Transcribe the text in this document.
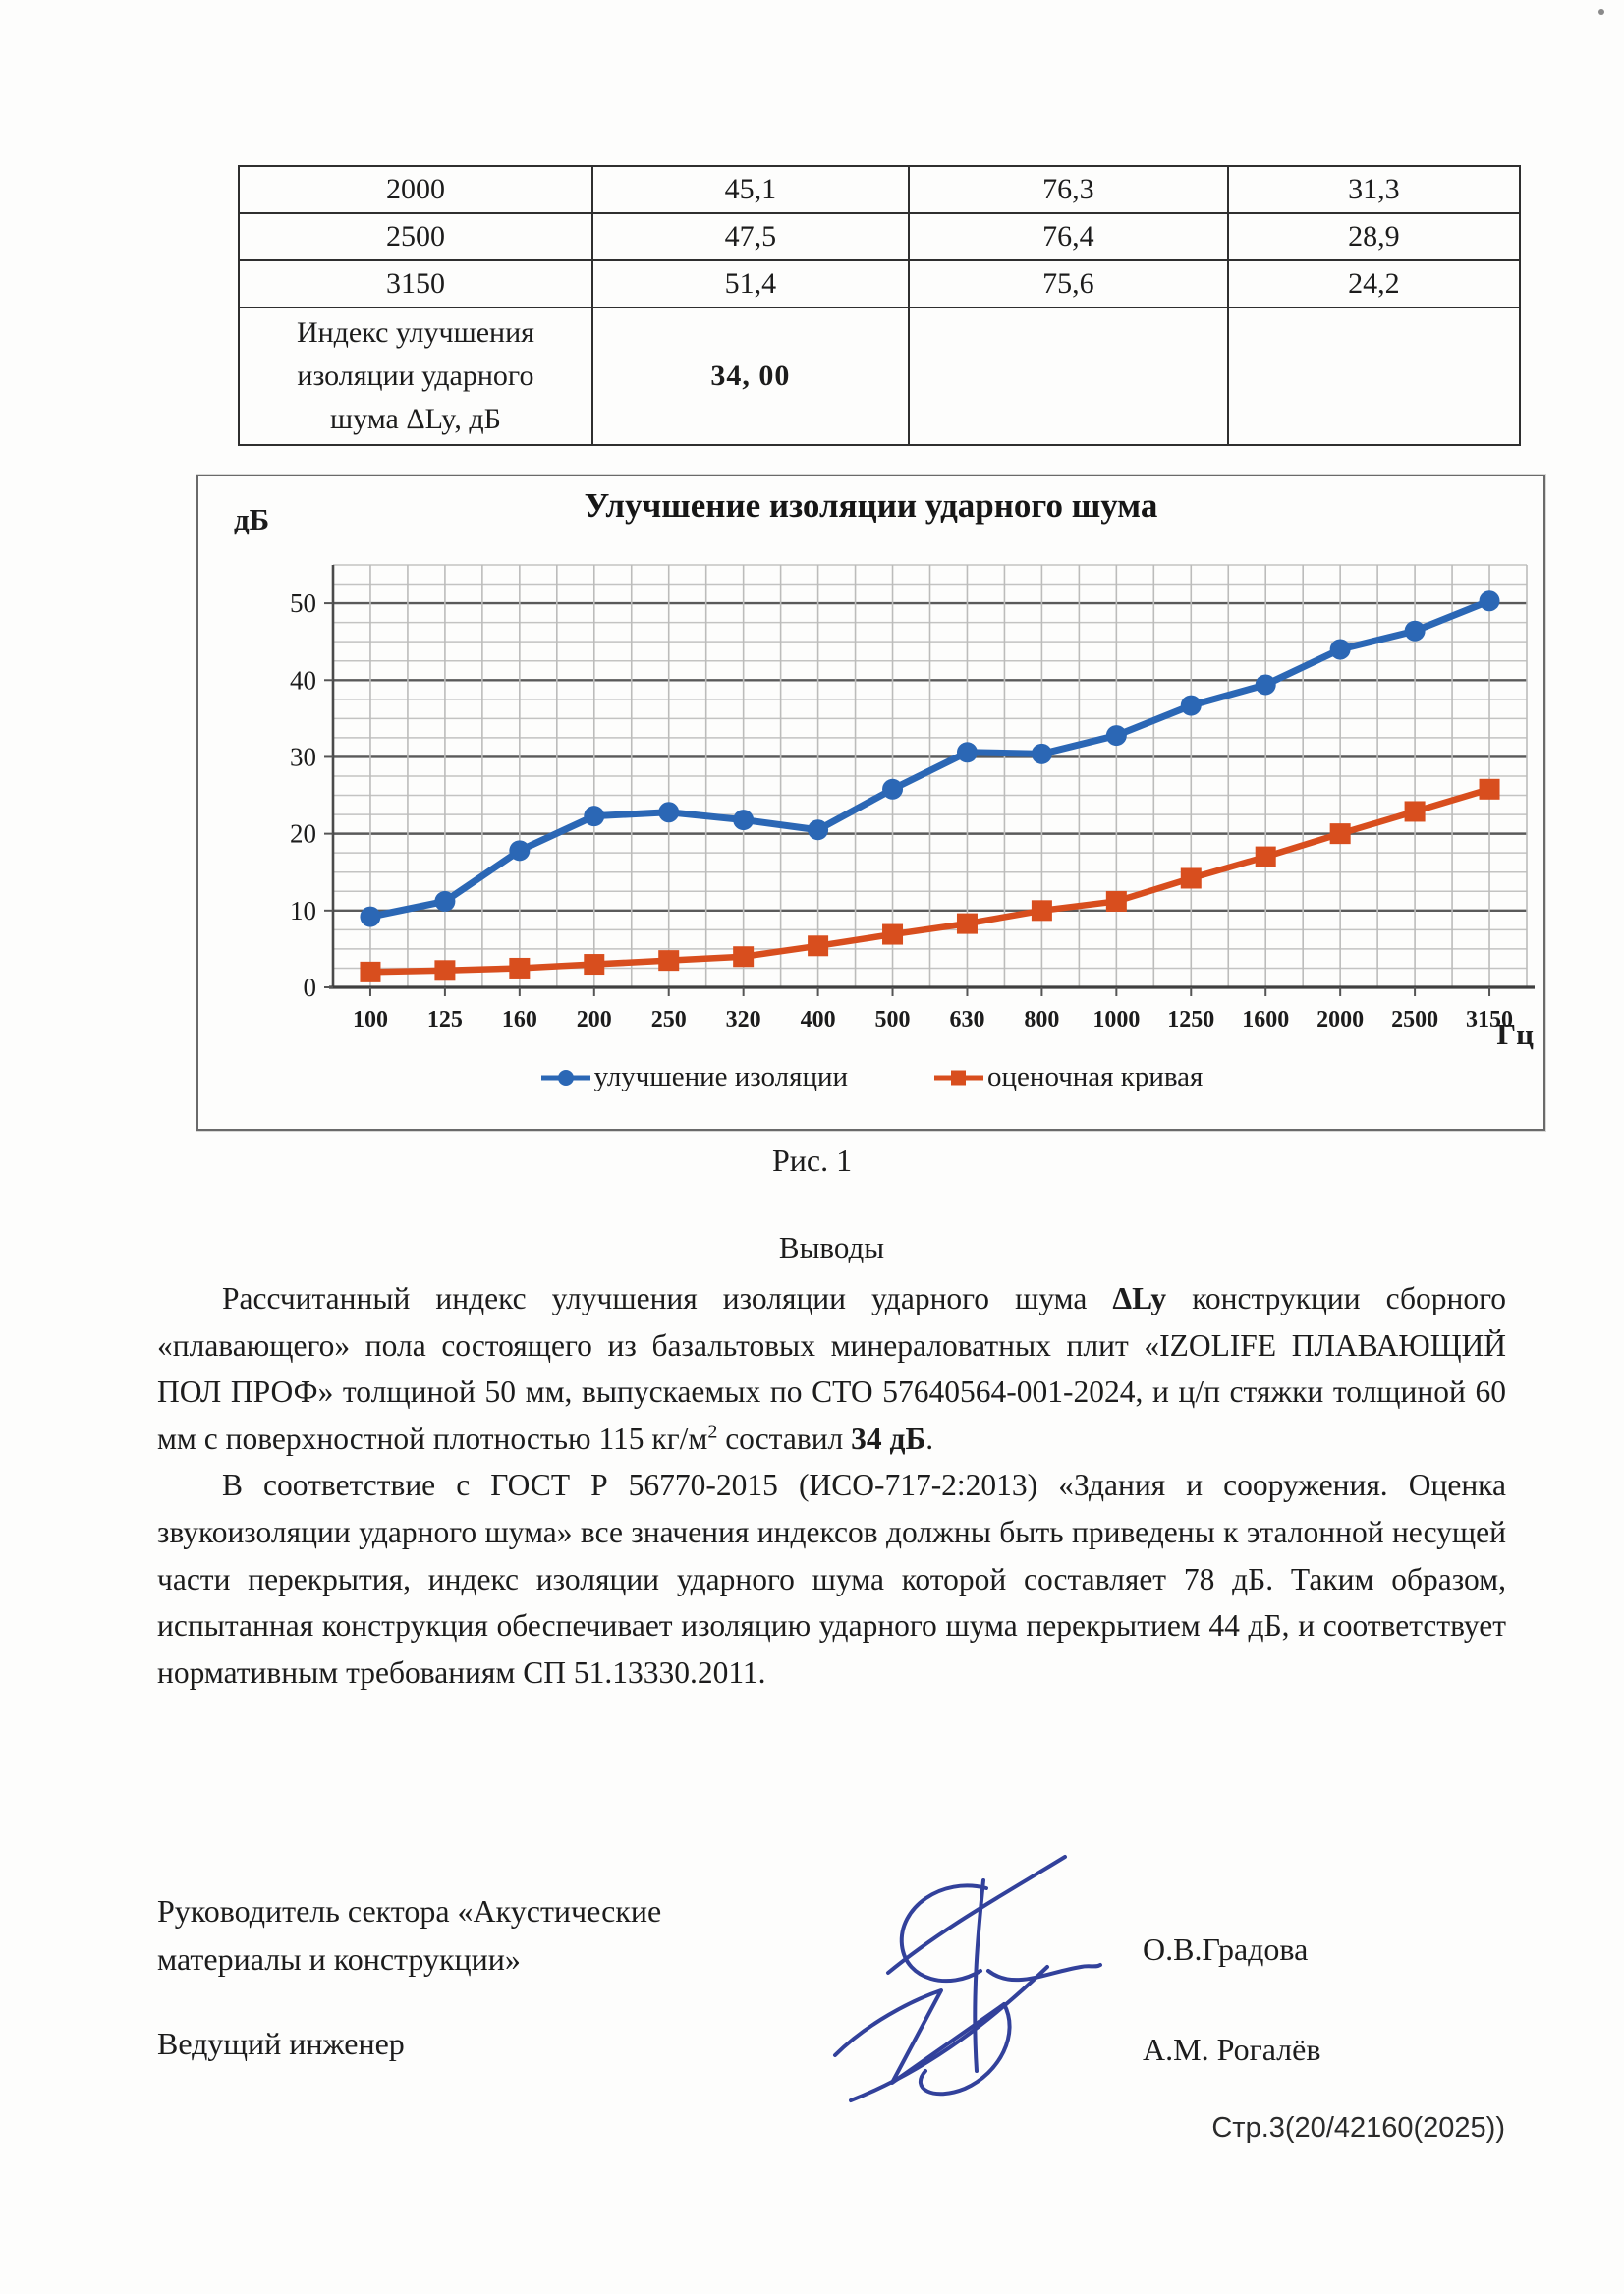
2000	45,1	76,3	31,3
2500	47,5	76,4	28,9
3150	51,4	75,6	24,2
Индекс улучшения изоляции ударного шума ΔLy, дБ	34, 00		
100 125 160 200 250 320 400 500 630 800 1000 1250 1600 2000 2500 3150
0
10
20
30
40
50
Улучшение изоляции ударного шума
дБ
Гц
улучшение изоляции	оценочная кривая
Рис. 1
Выводы

Рассчитанный индекс улучшения изоляции ударного шума ΔLy конструкции сборного «плавающего» пола состоящего из базальтовых минераловатных плит «IZOLIFE ПЛАВАЮЩИЙ ПОЛ ПРОФ» толщиной 50 мм, выпускаемых по СТО 57640564-001-2024, и ц/п стяжки толщиной 60 мм с поверхностной плотностью 115 $кг/м^2$ составил 34 дБ.

В соответствие с ГОСТ Р 56770-2015 (ИСО-717-2:2013) «Здания и сооружения. Оценка звукоизоляции ударного шума» все значения индексов должны быть приведены к эталонной несущей части перекрытия, индекс изоляции ударного шума которой составляет 78 дБ. Таким образом, испытанная конструкция обеспечивает изоляцию ударного шума перекрытием 44 дБ, и соответствует нормативным требованиям СП 51.13330.2011.

Руководитель сектора «Акустические материалы и конструкции»	О.В.Градова
Ведущий инженер	А.М. Рогалёв
Стр.3(20/42160(2025))
